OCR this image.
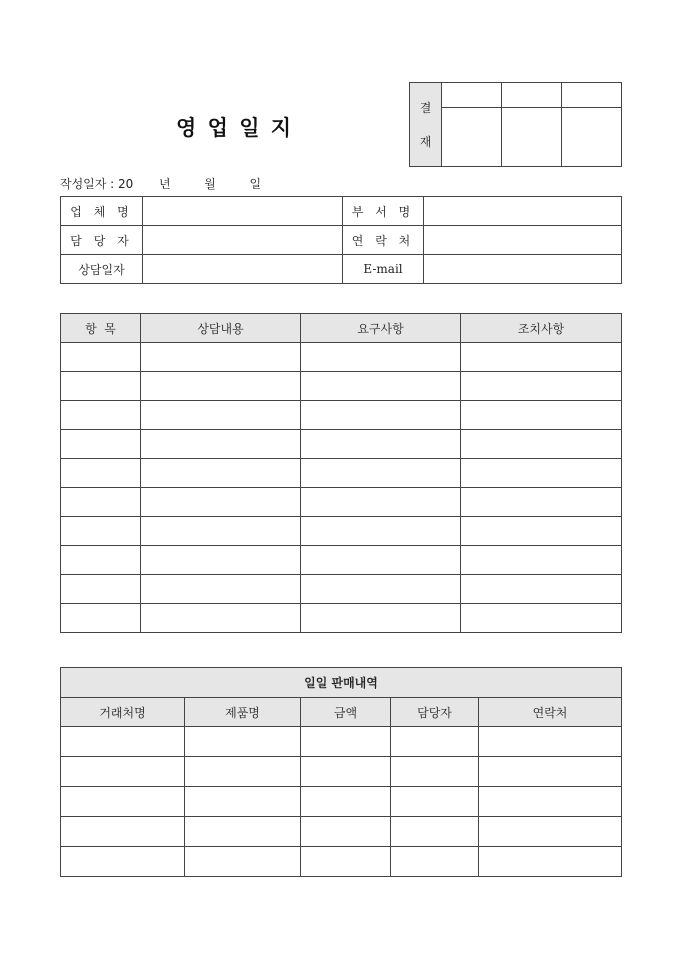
영 업 일 지
결
재			

작성일자 : 20 년	월	일
업 체 명		부 서 명	
담 당 자		연 락 처	
상담일자		E-mail	
항  목	상담내용	요구사항	조치사항

일일 판매내역				
거래처명	제품명	금액	담당자	연락처
